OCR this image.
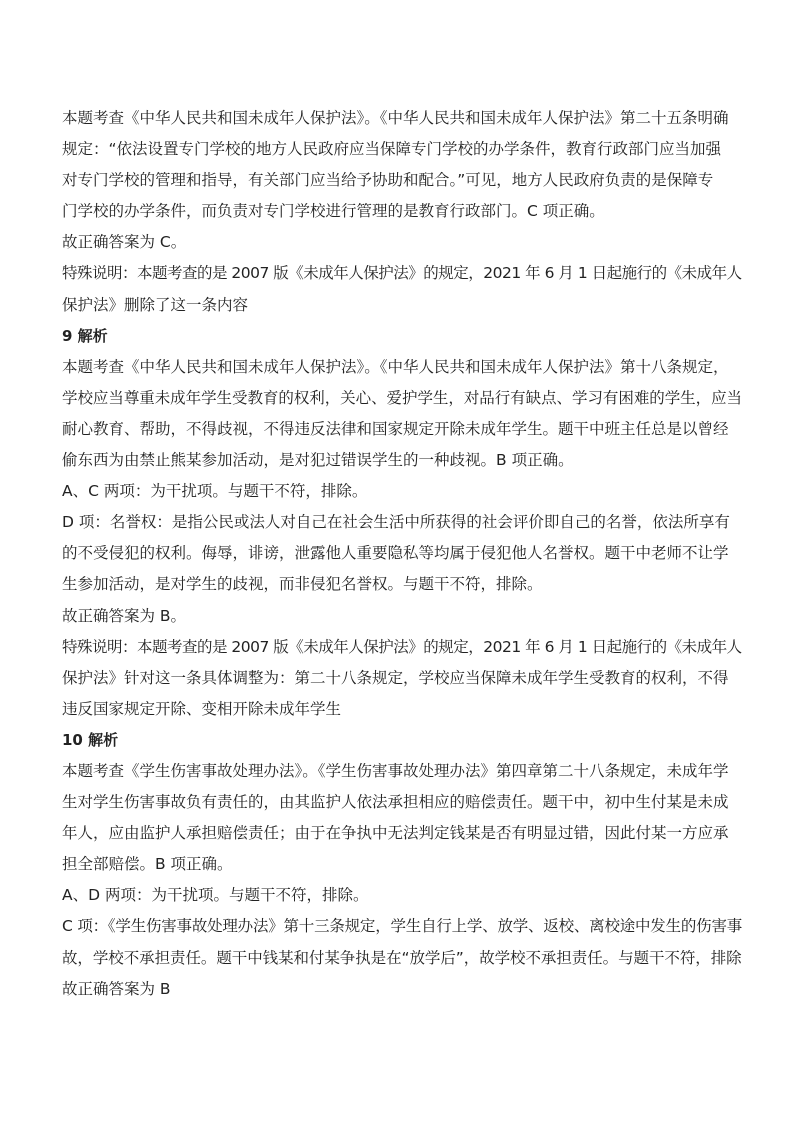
本题考查《中华人民共和国未成年人保护法》。《中华人民共和国未成年人保护法》第二十五条明确
规定：“依法设置专门学校的地方人民政府应当保障专门学校的办学条件，教育行政部门应当加强
对专门学校的管理和指导，有关部门应当给予协助和配合。”可见，地方人民政府负责的是保障专
门学校的办学条件，而负责对专门学校进行管理的是教育行政部门。C 项正确。
故正确答案为 C。
特殊说明：本题考查的是 2007 版《未成年人保护法》的规定，2021 年 6 月 1 日起施行的《未成年人
保护法》删除了这一条内容
9 解析
本题考查《中华人民共和国未成年人保护法》。《中华人民共和国未成年人保护法》第十八条规定，
学校应当尊重未成年学生受教育的权利，关心、爱护学生，对品行有缺点、学习有困难的学生，应当
耐心教育、帮助，不得歧视，不得违反法律和国家规定开除未成年学生。题干中班主任总是以曾经
偷东西为由禁止熊某参加活动，是对犯过错误学生的一种歧视。B 项正确。
A、C 两项：为干扰项。与题干不符，排除。
D 项：名誉权：是指公民或法人对自己在社会生活中所获得的社会评价即自己的名誉，依法所享有
的不受侵犯的权利。侮辱，诽谤，泄露他人重要隐私等均属于侵犯他人名誉权。题干中老师不让学
生参加活动，是对学生的歧视，而非侵犯名誉权。与题干不符，排除。
故正确答案为 B。
特殊说明：本题考查的是 2007 版《未成年人保护法》的规定，2021 年 6 月 1 日起施行的《未成年人
保护法》针对这一条具体调整为：第二十八条规定，学校应当保障未成年学生受教育的权利，不得
违反国家规定开除、变相开除未成年学生
10 解析
本题考查《学生伤害事故处理办法》。《学生伤害事故处理办法》第四章第二十八条规定，未成年学
生对学生伤害事故负有责任的，由其监护人依法承担相应的赔偿责任。题干中，初中生付某是未成
年人，应由监护人承担赔偿责任；由于在争执中无法判定钱某是否有明显过错，因此付某一方应承
担全部赔偿。B 项正确。
A、D 两项：为干扰项。与题干不符，排除。
C 项：《学生伤害事故处理办法》第十三条规定，学生自行上学、放学、返校、离校途中发生的伤害事
故，学校不承担责任。题干中钱某和付某争执是在“放学后”，故学校不承担责任。与题干不符，排除
故正确答案为 B
